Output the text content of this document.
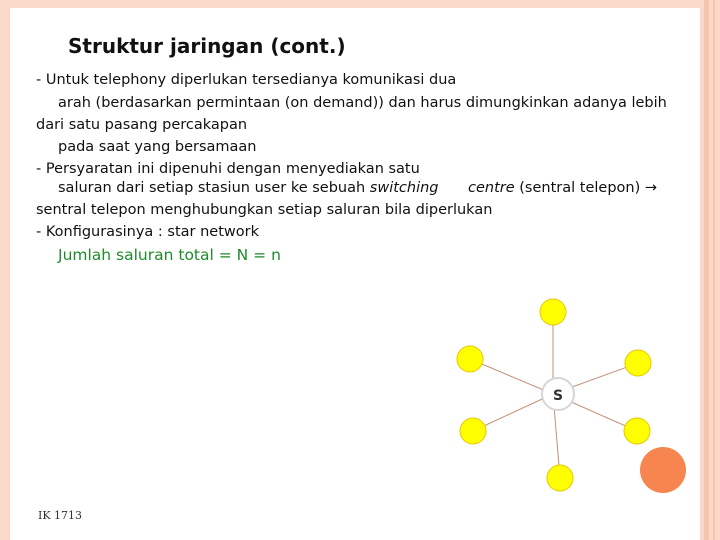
Struktur jaringan (cont.)
- Untuk telephony diperlukan tersedianya komunikasi dua
arah (berdasarkan permintaan (on demand)) dan harus dimungkinkan adanya lebih
dari satu pasang percakapan
pada saat yang bersamaan
- Persyaratan ini dipenuhi dengan menyediakan satu
saluran dari setiap stasiun user ke sebuah switching centre (sentral telepon) →
sentral telepon menghubungkan setiap saluran bila diperlukan
- Konfigurasinya : star network
Jumlah saluran total = N = n
S
IK 1713
